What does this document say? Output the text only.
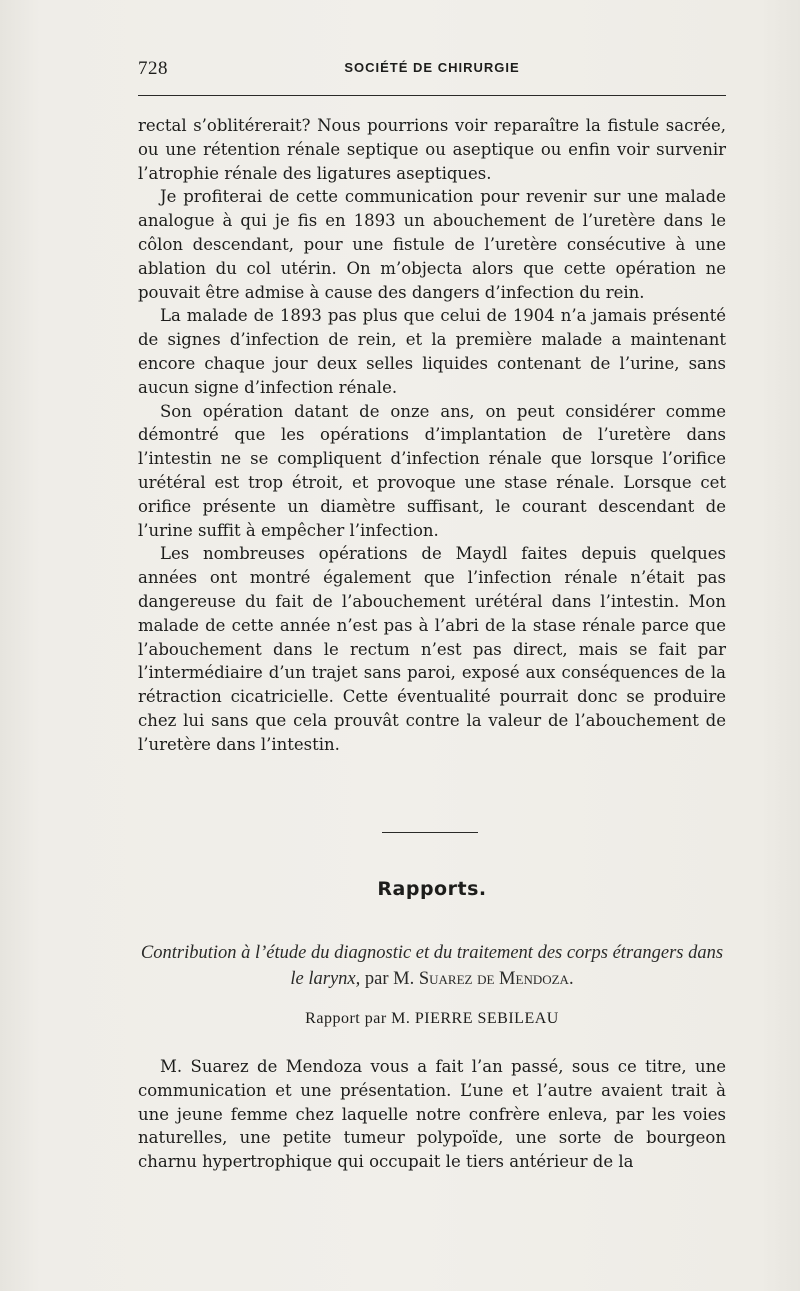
728	SOCIÉTÉ DE CHIRURGIE

rectal s’oblitérerait? Nous pourrions voir reparaître la fistule sacrée, ou une rétention rénale septique ou aseptique ou enfin voir survenir l’atrophie rénale des ligatures aseptiques.

Je profiterai de cette communication pour revenir sur une malade analogue à qui je fis en 1893 un abouchement de l’uretère dans le côlon descendant, pour une fistule de l’uretère consécutive à une ablation du col utérin. On m’objecta alors que cette opération ne pouvait être admise à cause des dangers d’infection du rein.

La malade de 1893 pas plus que celui de 1904 n’a jamais présenté de signes d’infection de rein, et la première malade a maintenant encore chaque jour deux selles liquides contenant de l’urine, sans aucun signe d’infection rénale.

Son opération datant de onze ans, on peut considérer comme démontré que les opérations d’implantation de l’uretère dans l’intestin ne se compliquent d’infection rénale que lorsque l’orifice urétéral est trop étroit, et provoque une stase rénale. Lorsque cet orifice présente un diamètre suffisant, le courant descendant de l’urine suffit à empêcher l’infection.

Les nombreuses opérations de Maydl faites depuis quelques années ont montré également que l’infection rénale n’était pas dangereuse du fait de l’abouchement urétéral dans l’intestin. Mon malade de cette année n’est pas à l’abri de la stase rénale parce que l’abouchement dans le rectum n’est pas direct, mais se fait par l’intermédiaire d’un trajet sans paroi, exposé aux conséquences de la rétraction cicatricielle. Cette éventualité pourrait donc se produire chez lui sans que cela prouvât contre la valeur de l’abouchement de l’uretère dans l’intestin.

Rapports.
Contribution à l’étude du diagnostic et du traitement des corps étrangers dans le larynx, par M. Suarez de Mendoza.
Rapport par M. PIERRE SEBILEAU

M. Suarez de Mendoza vous a fait l’an passé, sous ce titre, une communication et une présentation. L’une et l’autre avaient trait à une jeune femme chez laquelle notre confrère enleva, par les voies naturelles, une petite tumeur polypoïde, une sorte de bourgeon charnu hypertrophique qui occupait le tiers antérieur de la
